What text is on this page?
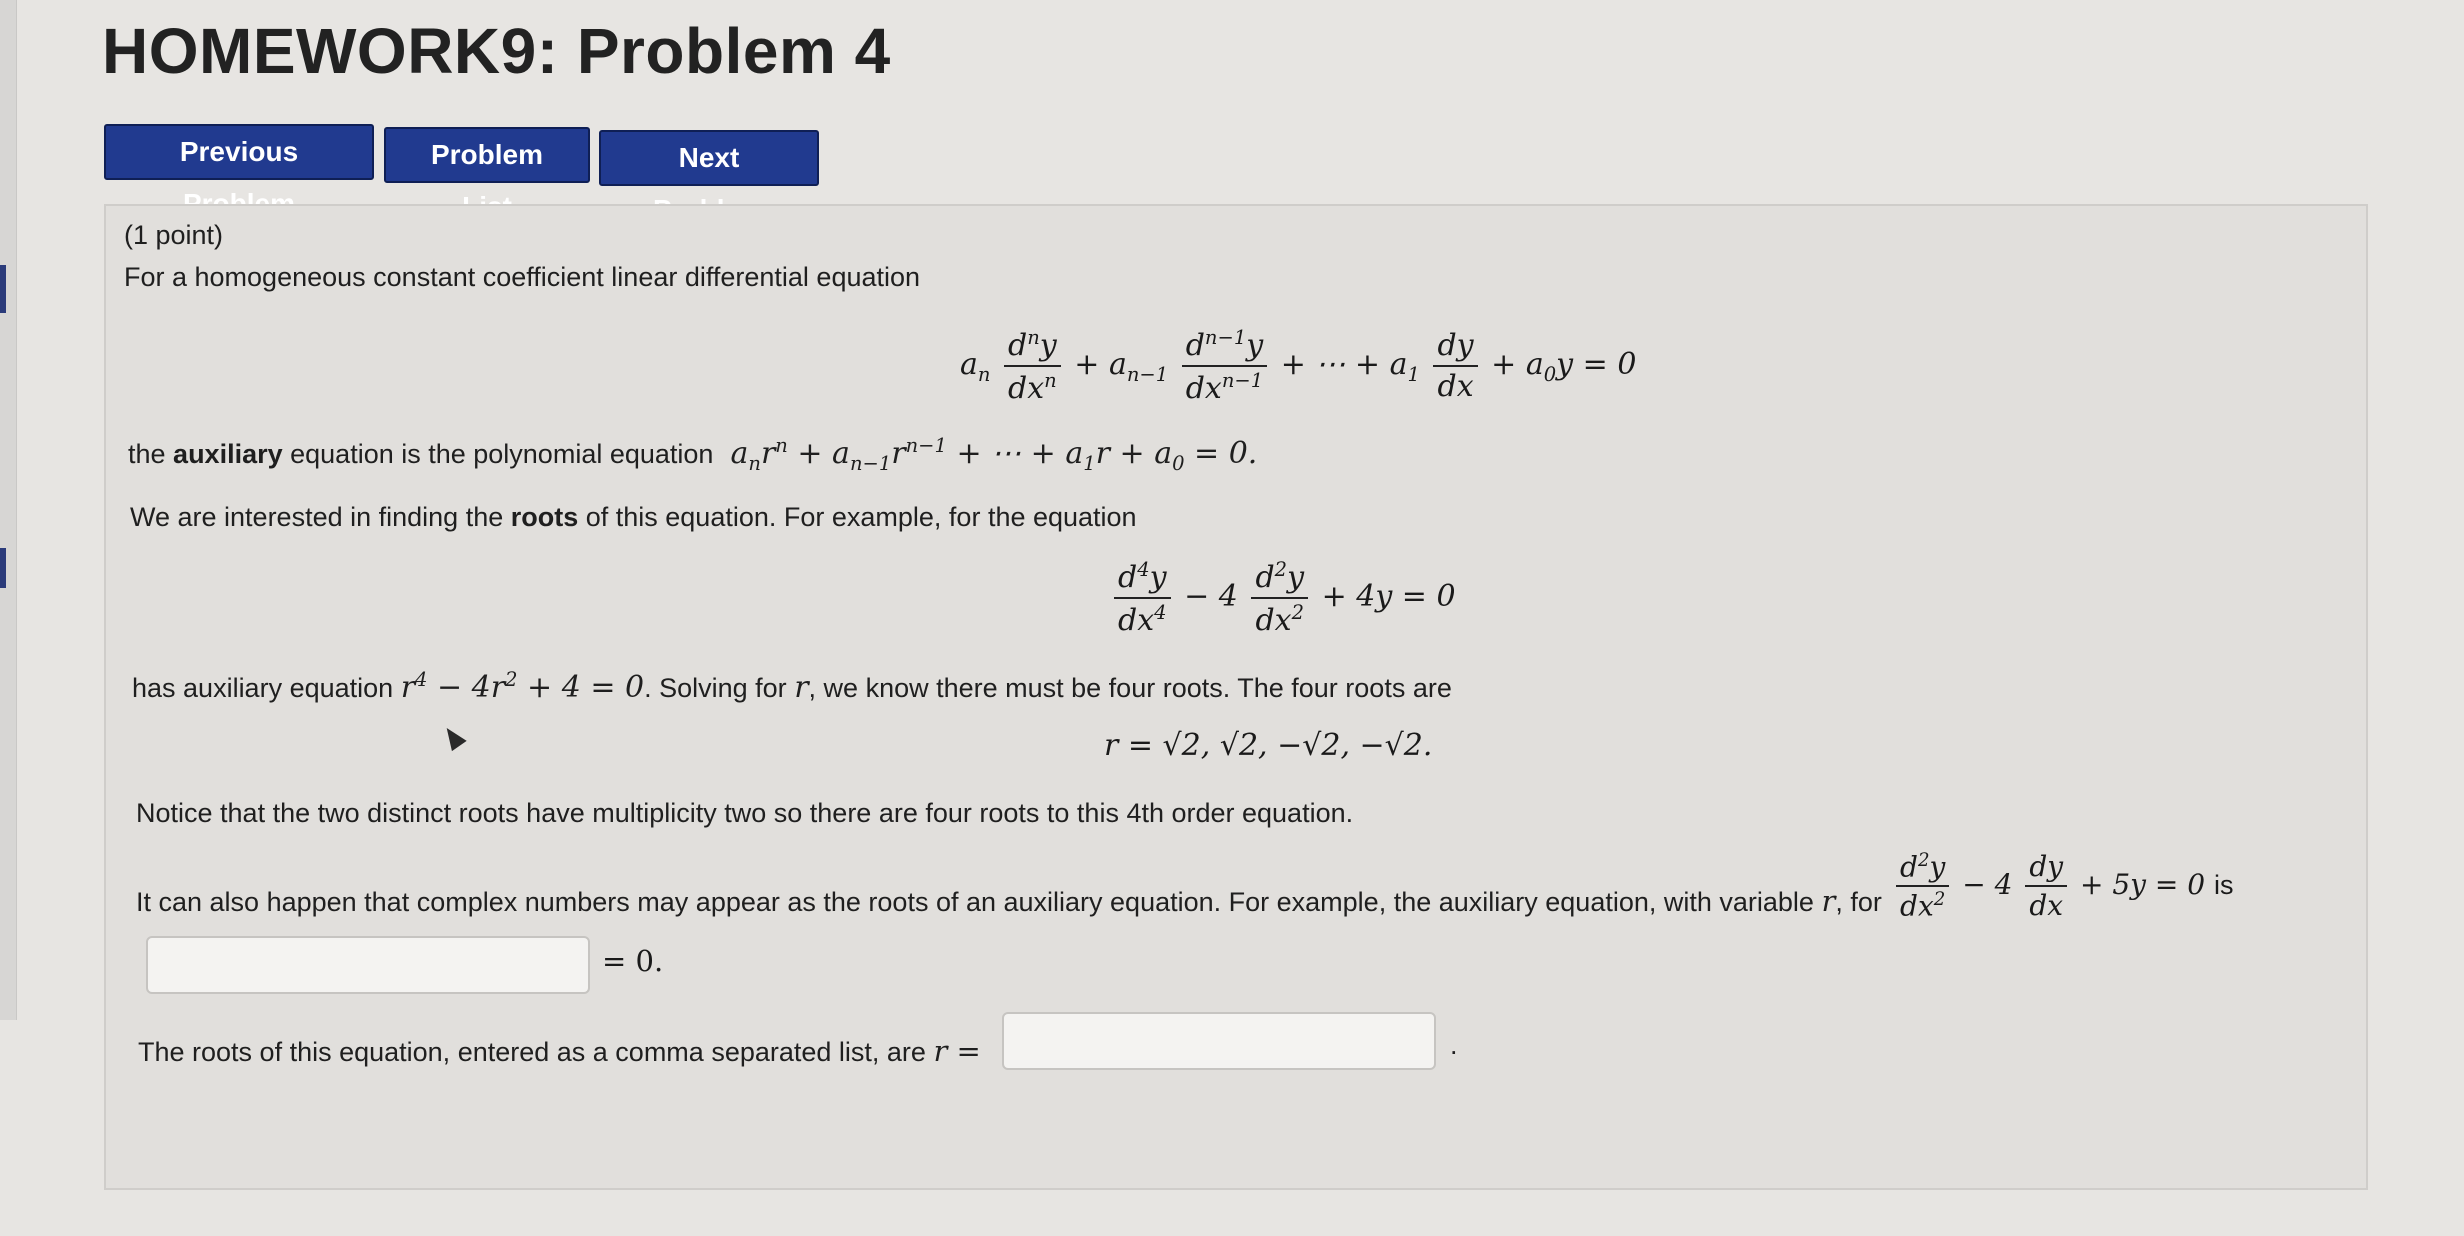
HOMEWORK9: Problem 4
Previous	Problem	Next
(1 point)
For a homogeneous constant coefficient linear differential equation
$a_n \frac{d^ny}{dx^n} + a_{n-1} \frac{d^{n-1}y}{dx^{n-1}}$ + ⋯ + $a_1 \frac{dy}{dx} + a_0y = 0$
the auxiliary equation is the polynomial equation  $a_nr^n + a_{n-1}r^{n-1}$ + ⋯ + $a_1r + a_0 = 0$.
We are interested in finding the roots of this equation. For example, for the equation
$\frac{d^4y}{dx^4} - 4 \frac{d^2y}{dx^2} + 4y = 0$
has auxiliary equation $r^4 - 4r^2 + 4 = 0$. Solving for r, we know there must be four roots. The four roots are
r = √2, √2, −√2, −√2.
Notice that the two distinct roots have multiplicity two so there are four roots to this 4th order equation.
It can also happen that complex numbers may appear as the roots of an auxiliary equation. For example, the auxiliary equation, with variable r, for $\frac{d^2y}{dx^2} - 4 \frac{dy}{dx} + 5y = 0$ is
= 0.
The roots of this equation, entered as a comma separated list, are r =	.
